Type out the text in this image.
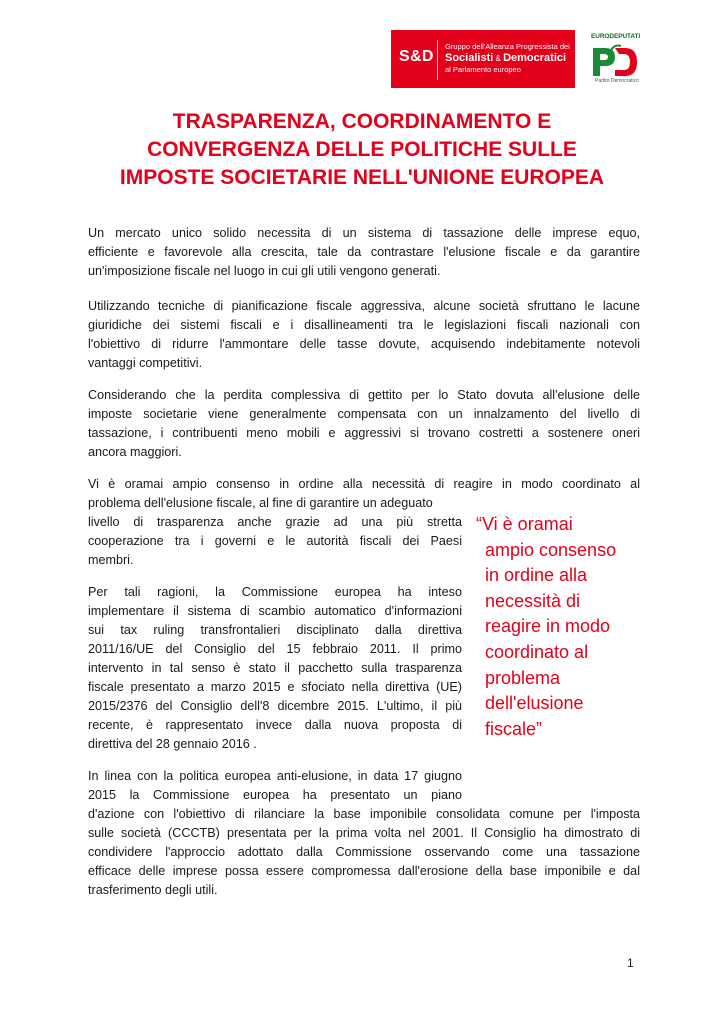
S&D
Gruppo dell'Alleanza Progressista dei
Socialisti & Democratici
al Parlamento europeo
EURODEPUTATI
Partito Democratico
TRASPARENZA, COORDINAMENTO E
CONVERGENZA DELLE POLITICHE SULLE
IMPOSTE SOCIETARIE NELL'UNIONE EUROPEA

Un mercato unico solido necessita di un sistema di tassazione delle imprese equo,
efficiente e favorevole alla crescita, tale da contrastare l'elusione fiscale e da garantire
un'imposizione fiscale nel luogo in cui gli utili vengono generati.

Utilizzando tecniche di pianificazione fiscale aggressiva, alcune società sfruttano le lacune
giuridiche dei sistemi fiscali e i disallineamenti tra le legislazioni fiscali nazionali con
l'obiettivo di ridurre l'ammontare delle tasse dovute, acquisendo indebitamente notevoli
vantaggi competitivi.

Considerando che la perdita complessiva di gettito per lo Stato dovuta all'elusione delle
imposte societarie viene generalmente compensata con un innalzamento del livello di
tassazione, i contribuenti meno mobili e aggressivi si trovano costretti a sostenere oneri
ancora maggiori.

Vi è oramai ampio consenso in ordine alla necessità di reagire in modo coordinato al

problema dell'elusione fiscale, al fine di garantire un adeguato
livello di trasparenza anche grazie ad una più stretta
cooperazione tra i governi e le autorità fiscali dei Paesi
membri.

Per tali ragioni, la Commissione europea ha inteso
implementare il sistema di scambio automatico d'informazioni
sui tax ruling transfrontalieri disciplinato dalla direttiva
2011/16/UE del Consiglio del 15 febbraio 2011. Il primo
intervento in tal senso è stato il pacchetto sulla trasparenza
fiscale presentato a marzo 2015 e sfociato nella direttiva (UE)
2015/2376 del Consiglio dell'8 dicembre 2015. L'ultimo, il più
recente, è rappresentato invece dalla nuova proposta di
direttiva del 28 gennaio 2016 .

In linea con la politica europea anti-elusione, in data 17 giugno
2015 la Commissione europea ha presentato un piano

d'azione con l'obiettivo di rilanciare la base imponibile consolidata comune per l'imposta
sulle società (CCCTB) presentata per la prima volta nel 2001. Il Consiglio ha dimostrato di
condividere l'approccio adottato dalla Commissione osservando come una tassazione
efficace delle imprese possa essere compromessa dall'erosione della base imponibile e dal
trasferimento degli utili.

“Vi è oramai
ampio consenso
in ordine alla
necessità di
reagire in modo
coordinato al
problema
dell'elusione
fiscale”

1
